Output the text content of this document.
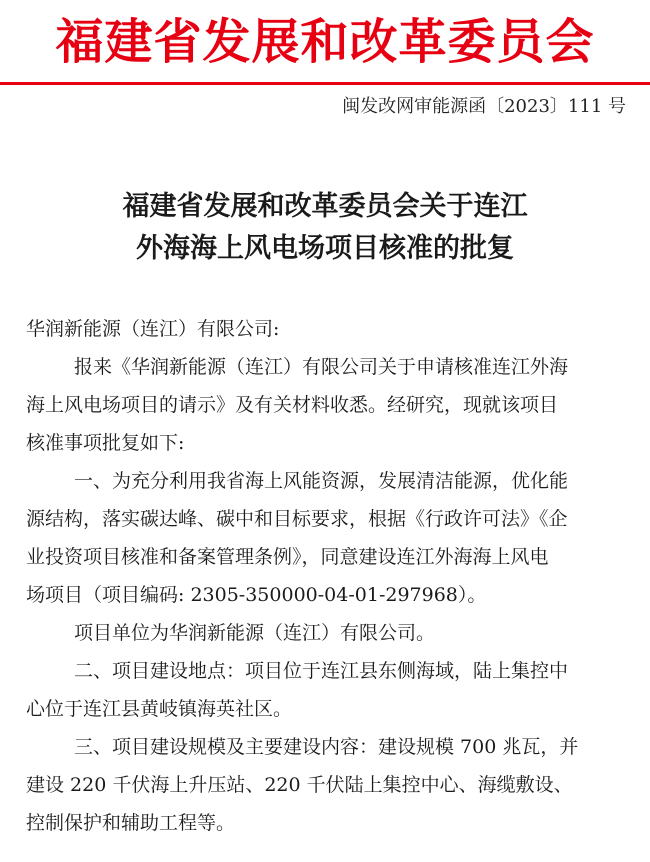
福建省发展和改革委员会
闽发改网审能源函〔2023〕111 号
福建省发展和改革委员会关于连江
外海海上风电场项目核准的批复
华润新能源（连江）有限公司:
报来《华润新能源（连江）有限公司关于申请核准连江外海
海上风电场项目的请示》及有关材料收悉。经研究，现就该项目
核准事项批复如下:
一、为充分利用我省海上风能资源，发展清洁能源，优化能
源结构，落实碳达峰、碳中和目标要求，根据《行政许可法》《企
业投资项目核准和备案管理条例》，同意建设连江外海海上风电
场项目（项目编码: 2305-350000-04-01-297968）。
项目单位为华润新能源（连江）有限公司。
二、项目建设地点：项目位于连江县东侧海域，陆上集控中
心位于连江县黄岐镇海英社区。
三、项目建设规模及主要建设内容：建设规模 700 兆瓦，并
建设 220 千伏海上升压站、220 千伏陆上集控中心、海缆敷设、
控制保护和辅助工程等。
